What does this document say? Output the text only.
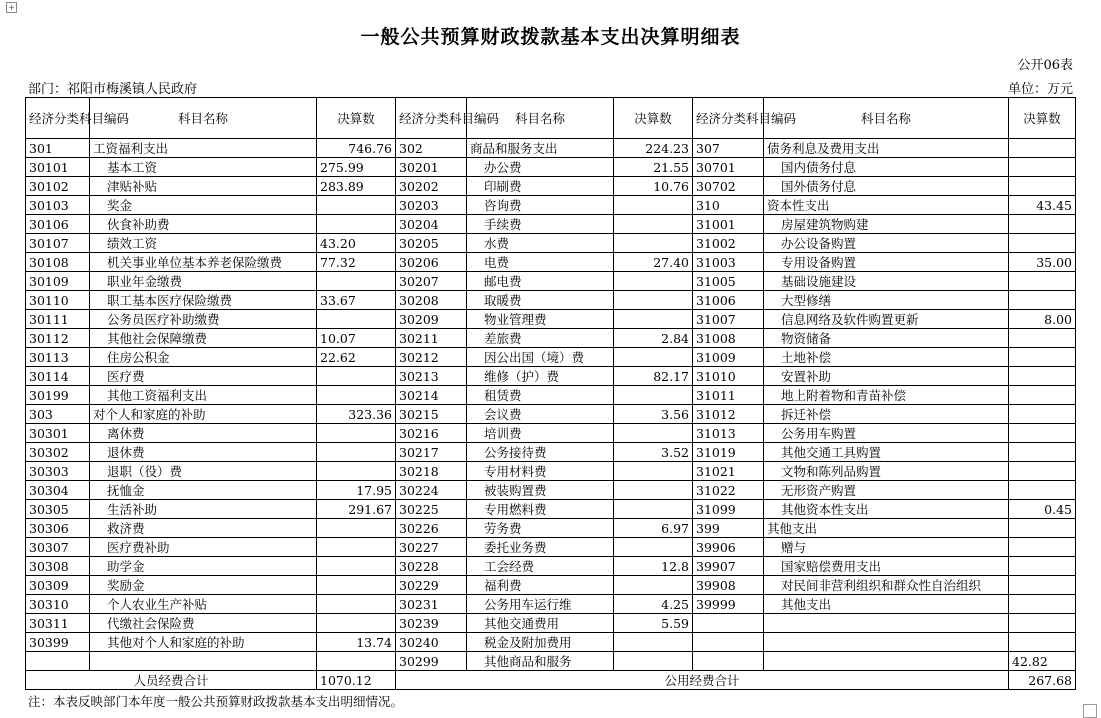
+
一般公共预算财政拨款基本支出决算明细表
公开06表
部门：祁阳市梅溪镇人民政府	单位：万元
经济分类科目编码	科目名称	决算数	经济分类科目编码	科目名称	决算数	经济分类科目编码	科目名称	决算数
301	工资福利支出	746.76	302	商品和服务支出	224.23	307	债务利息及费用支出	
30101	基本工资	275.99	30201	办公费	21.55	30701	国内债务付息	
30102	津贴补贴	283.89	30202	印刷费	10.76	30702	国外债务付息	
30103	奖金		30203	咨询费		310	资本性支出	43.45
30106	伙食补助费		30204	手续费		31001	房屋建筑物购建	
30107	绩效工资	43.20	30205	水费		31002	办公设备购置	
30108	机关事业单位基本养老保险缴费	77.32	30206	电费	27.40	31003	专用设备购置	35.00
30109	职业年金缴费		30207	邮电费		31005	基础设施建设	
30110	职工基本医疗保险缴费	33.67	30208	取暖费		31006	大型修缮	
30111	公务员医疗补助缴费		30209	物业管理费		31007	信息网络及软件购置更新	8.00
30112	其他社会保障缴费	10.07	30211	差旅费	2.84	31008	物资储备	
30113	住房公积金	22.62	30212	因公出国（境）费		31009	土地补偿	
30114	医疗费		30213	维修（护）费	82.17	31010	安置补助	
30199	其他工资福利支出		30214	租赁费		31011	地上附着物和青苗补偿	
303	对个人和家庭的补助	323.36	30215	会议费	3.56	31012	拆迁补偿	
30301	离休费		30216	培训费		31013	公务用车购置	
30302	退休费		30217	公务接待费	3.52	31019	其他交通工具购置	
30303	退职（役）费		30218	专用材料费		31021	文物和陈列品购置	
30304	抚恤金	17.95	30224	被装购置费		31022	无形资产购置	
30305	生活补助	291.67	30225	专用燃料费		31099	其他资本性支出	0.45
30306	救济费		30226	劳务费	6.97	399	其他支出	
30307	医疗费补助		30227	委托业务费		39906	赠与	
30308	助学金		30228	工会经费	12.8	39907	国家赔偿费用支出	
30309	奖励金		30229	福利费		39908	对民间非营利组织和群众性自治组织	
30310	个人农业生产补贴		30231	公务用车运行维	4.25	39999	其他支出	
30311	代缴社会保险费		30239	其他交通费用	5.59			
30399	其他对个人和家庭的补助	13.74	30240	税金及附加费用				
			30299	其他商品和服务				42.82
人员经费合计		1070.12	公用经费合计					267.68
注：本表反映部门本年度一般公共预算财政拨款基本支出明细情况。
